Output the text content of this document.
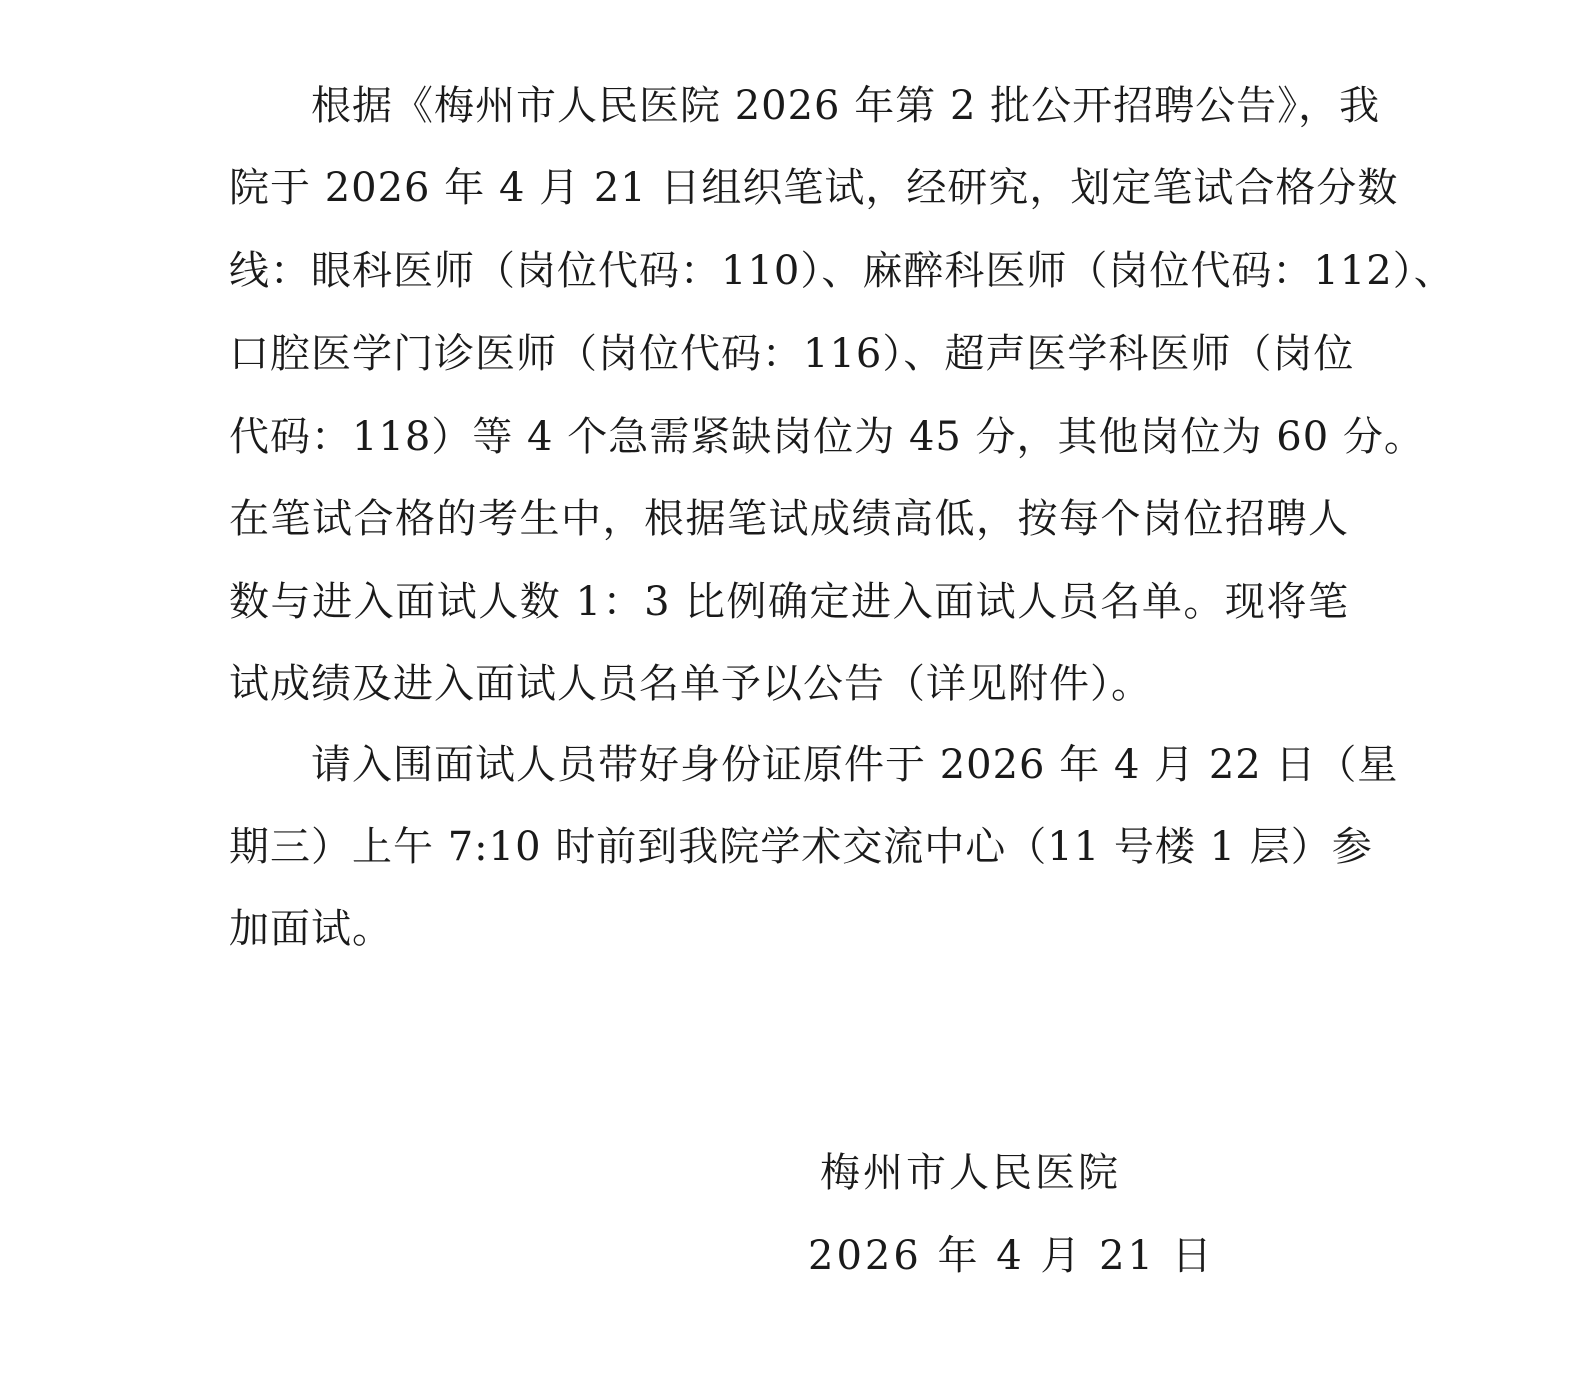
根据《梅州市人民医院 2026 年第 2 批公开招聘公告》，我
院于 2026 年 4 月 21 日组织笔试，经研究，划定笔试合格分数
线：眼科医师（岗位代码：110）、麻醉科医师（岗位代码：112）、
口腔医学门诊医师（岗位代码：116）、超声医学科医师（岗位
代码：118）等 4 个急需紧缺岗位为 45 分，其他岗位为 60 分。
在笔试合格的考生中，根据笔试成绩高低，按每个岗位招聘人
数与进入面试人数 1：3 比例确定进入面试人员名单。现将笔
试成绩及进入面试人员名单予以公告（详见附件）。
请入围面试人员带好身份证原件于 2026 年 4 月 22 日（星
期三）上午 7:10 时前到我院学术交流中心（11 号楼 1 层）参
加面试。
梅州市人民医院
2026 年 4 月 21 日
